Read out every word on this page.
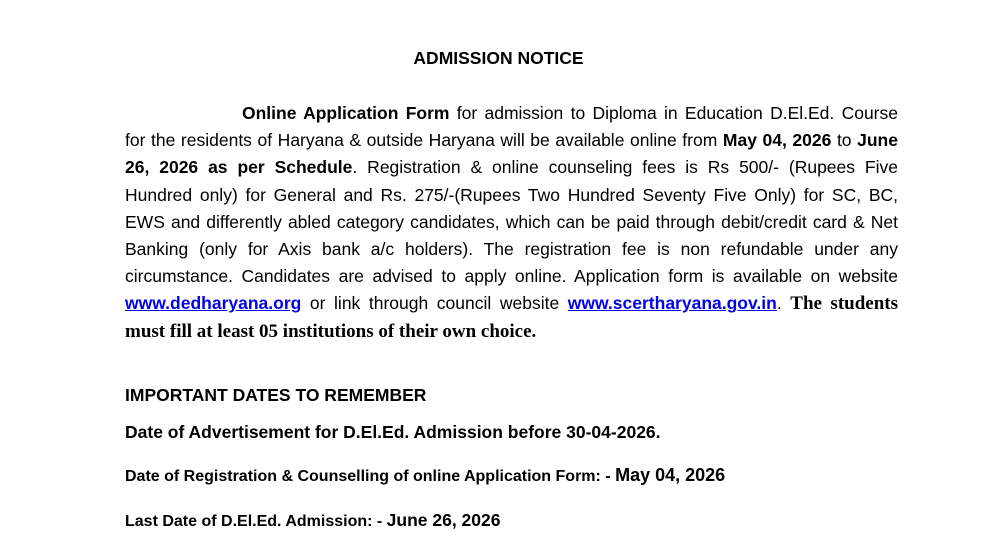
ADMISSION NOTICE
Online Application Form for admission to Diploma in Education D.El.Ed. Course for the residents of Haryana & outside Haryana will be available online from May 04, 2026 to June 26, 2026 as per Schedule. Registration & online counseling fees is Rs 500/- (Rupees Five Hundred only) for General and Rs. 275/-(Rupees Two Hundred Seventy Five Only) for SC, BC, EWS and differently abled category candidates, which can be paid through debit/credit card & Net Banking (only for Axis bank a/c holders). The registration fee is non refundable under any circumstance. Candidates are advised to apply online. Application form is available on website www.dedharyana.org or link through council website www.scertharyana.gov.in. The students must fill at least 05 institutions of their own choice.
IMPORTANT DATES TO REMEMBER
Date of Advertisement for D.El.Ed. Admission before 30-04-2026.
Date of Registration & Counselling of online Application Form: - May 04, 2026
Last Date of D.El.Ed. Admission: - June 26, 2026
